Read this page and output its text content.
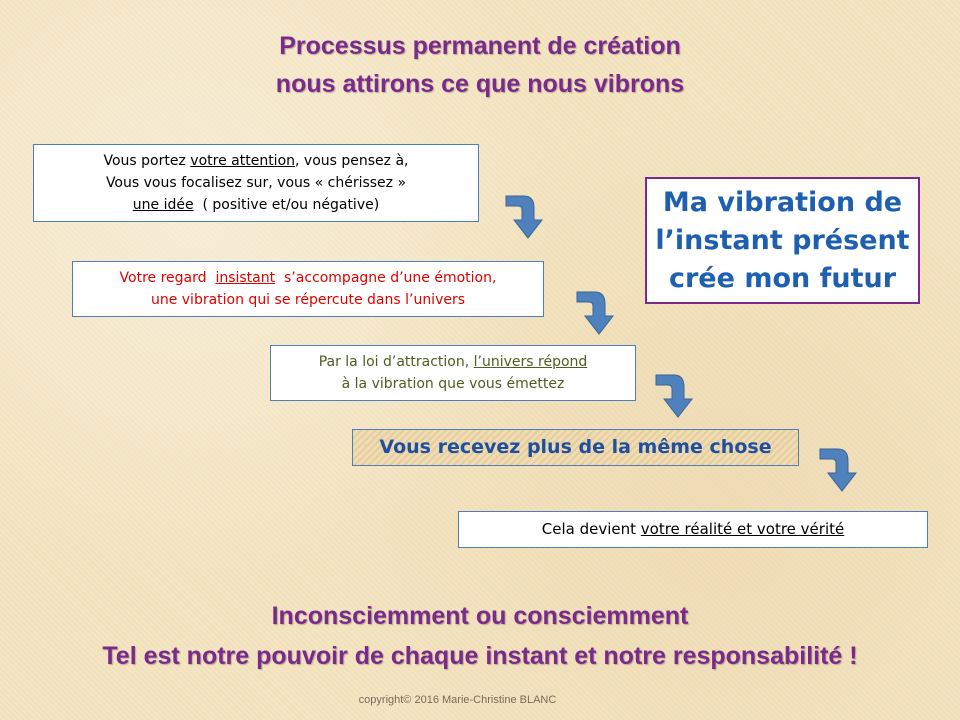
Processus permanent de création
nous attirons ce que nous vibrons
Vous portez votre attention, vous pensez à,
Vous vous focalisez sur, vous « chérissez »
une idée  ( positive et/ou négative)
Votre regard  insistant  s’accompagne d’une émotion,
une vibration qui se répercute dans l’univers
Par la loi d’attraction, l’univers répond
à la vibration que vous émettez
Vous recevez plus de la même chose
Cela devient votre réalité et votre vérité
Ma vibration de
l’instant présent
crée mon futur
Inconsciemment ou consciemment
Tel est notre pouvoir de chaque instant et notre responsabilité !
copyright© 2016 Marie-Christine BLANC
